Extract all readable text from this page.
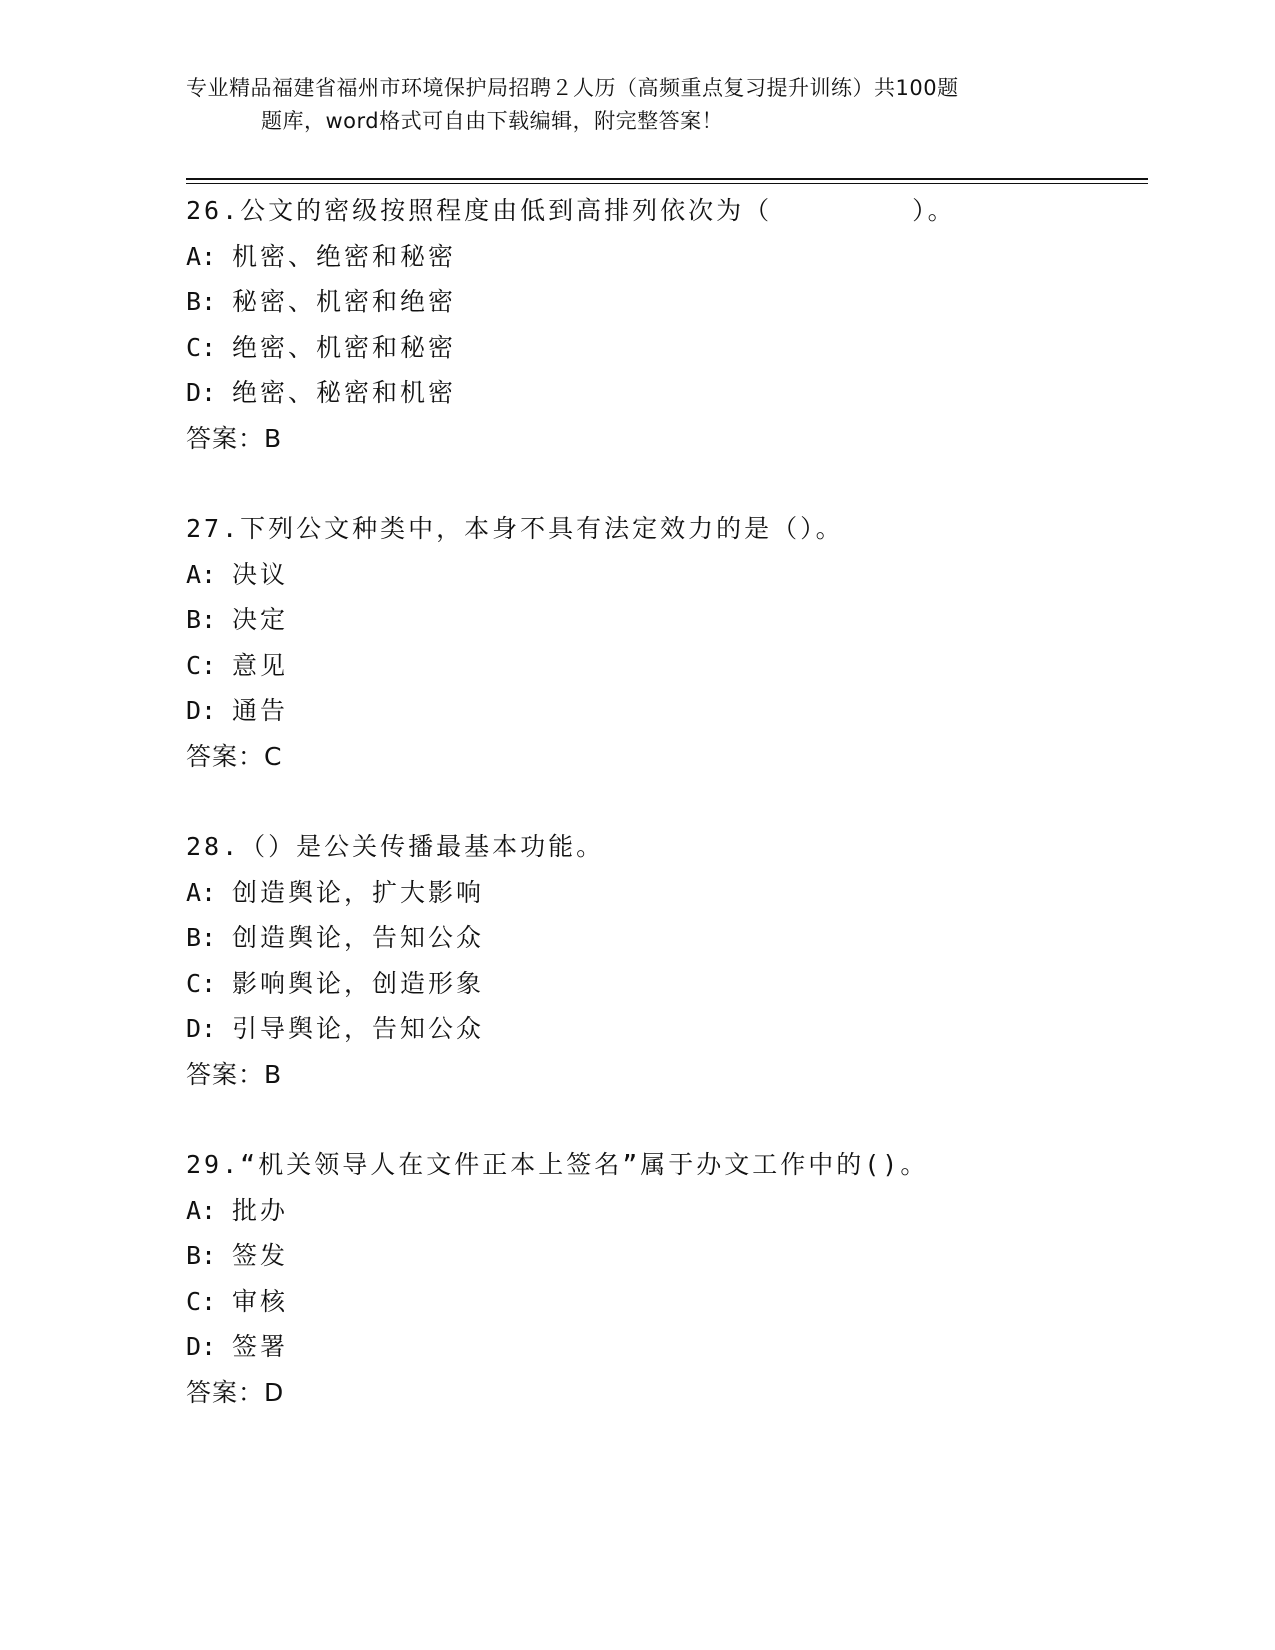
专业精品福建省福州市环境保护局招聘２人历（高频重点复习提升训练）共100题
题库，word格式可自由下载编辑，附完整答案！
26.公文的密级按照程度由低到高排列依次为（　　　　　）。
A: 机密、绝密和秘密
B: 秘密、机密和绝密
C: 绝密、机密和秘密
D: 绝密、秘密和机密
答案：B
27.下列公文种类中，本身不具有法定效力的是（）。
A: 决议
B: 决定
C: 意见
D: 通告
答案：C
28.（）是公关传播最基本功能。
A: 创造舆论，扩大影响
B: 创造舆论，告知公众
C: 影响舆论，创造形象
D: 引导舆论，告知公众
答案：B
29.“机关领导人在文件正本上签名”属于办文工作中的()。
A: 批办
B: 签发
C: 审核
D: 签署
答案：D
